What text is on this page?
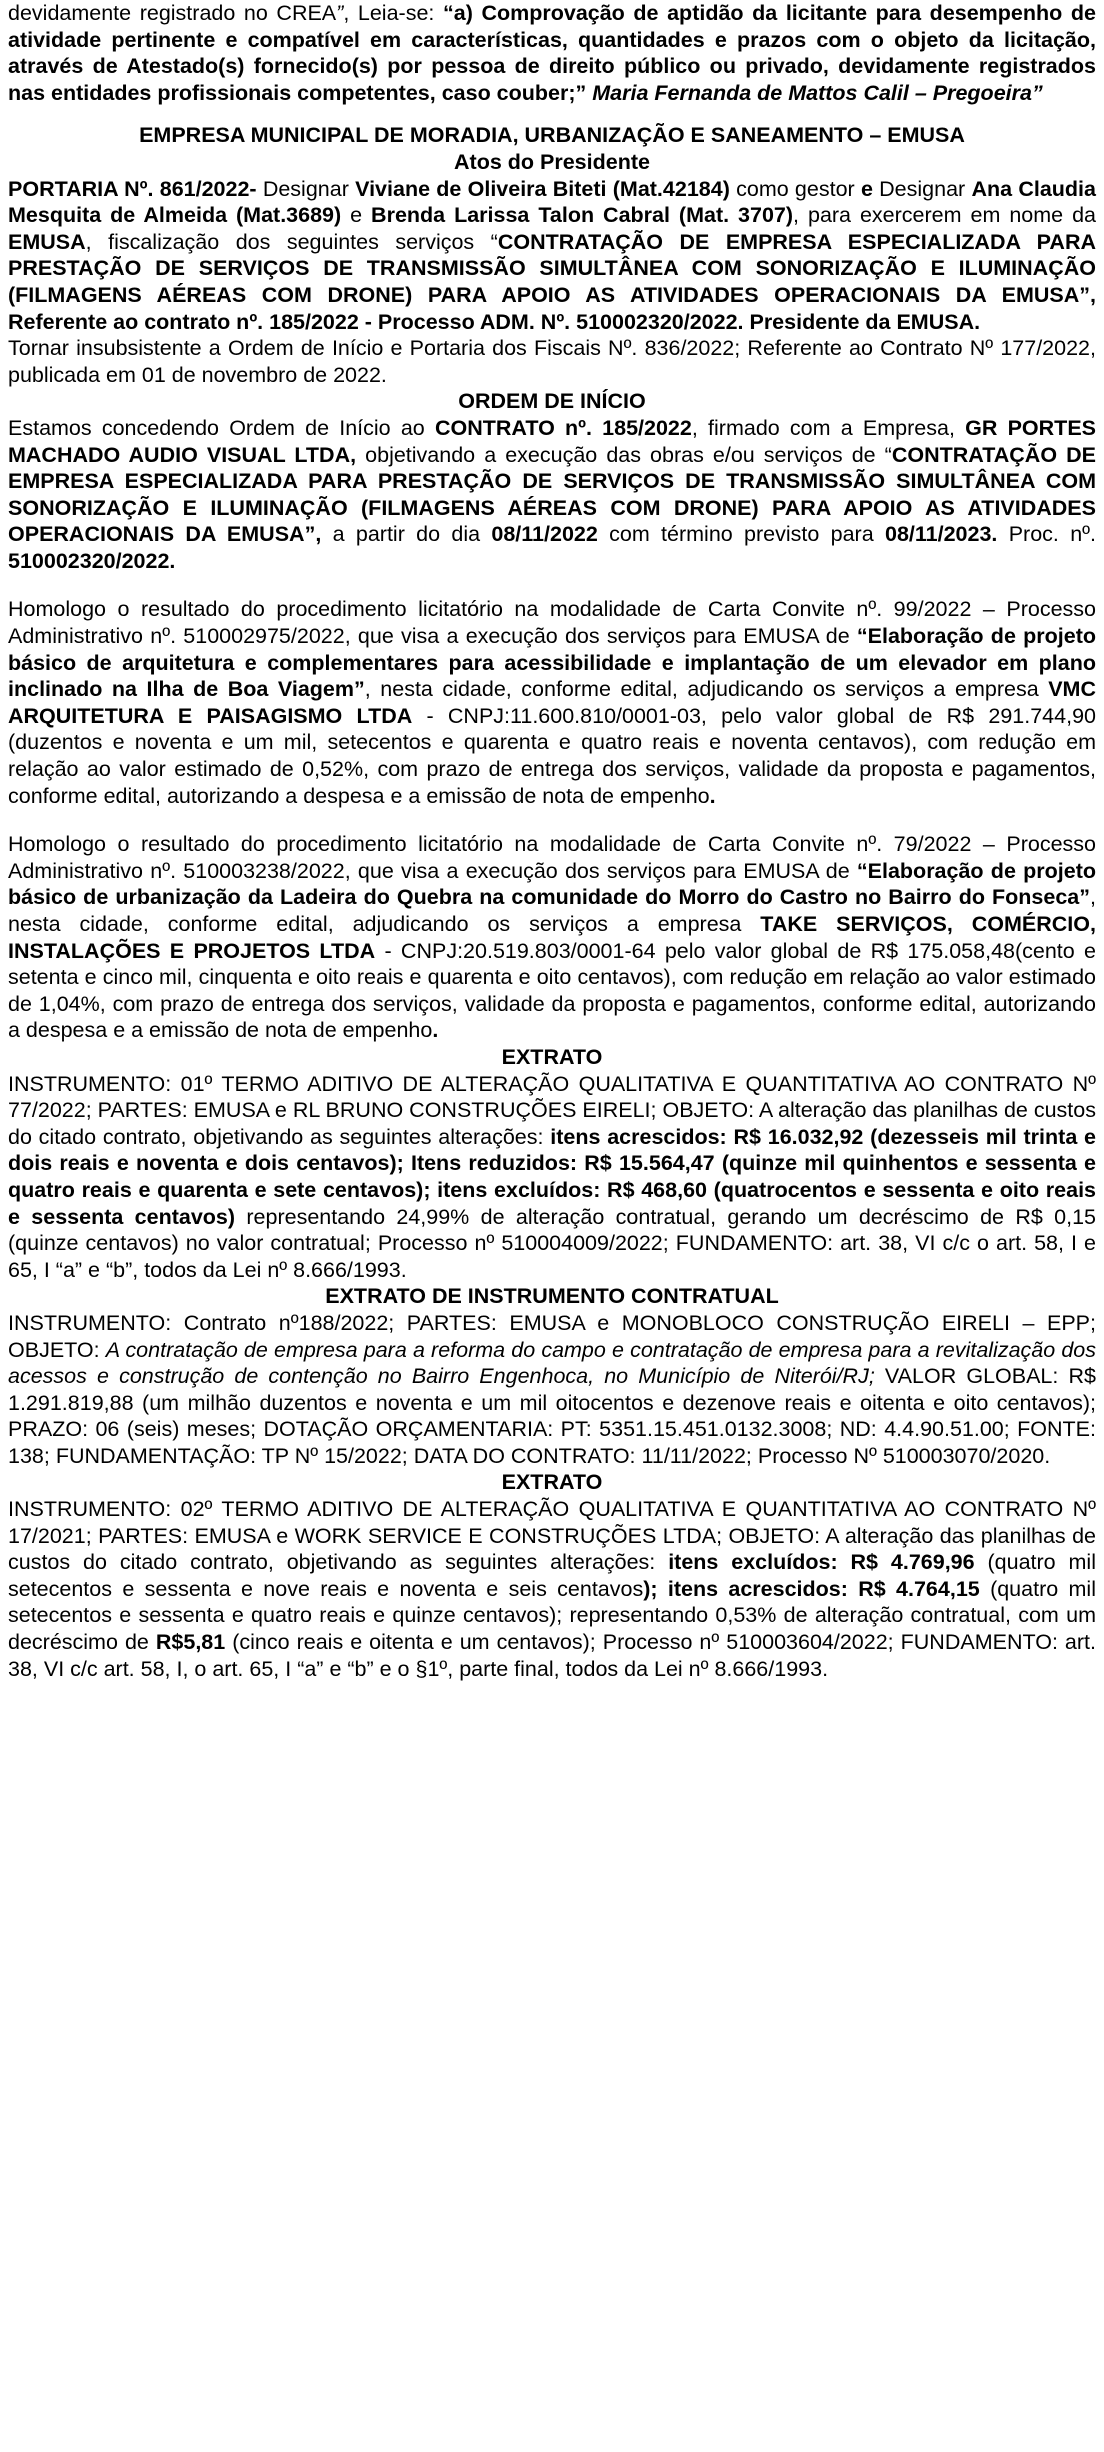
devidamente registrado no CREA”, Leia-se: “a) Comprovação de aptidão da licitante para desempenho de atividade pertinente e compatível em características, quantidades e prazos com o objeto da licitação, através de Atestado(s) fornecido(s) por pessoa de direito público ou privado, devidamente registrados nas entidades profissionais competentes, caso couber;” Maria Fernanda de Mattos Calil – Pregoeira”

EMPRESA MUNICIPAL DE MORADIA, URBANIZAÇÃO E SANEAMENTO – EMUSA

Atos do Presidente

PORTARIA Nº. 861/2022- Designar Viviane de Oliveira Biteti (Mat.42184) como gestor e Designar Ana Claudia Mesquita de Almeida (Mat.3689) e Brenda Larissa Talon Cabral (Mat. 3707), para exercerem em nome da EMUSA, fiscalização dos seguintes serviços “CONTRATAÇÃO DE EMPRESA ESPECIALIZADA PARA PRESTAÇÃO DE SERVIÇOS DE TRANSMISSÃO SIMULTÂNEA COM SONORIZAÇÃO E ILUMINAÇÃO (FILMAGENS AÉREAS COM DRONE) PARA APOIO AS ATIVIDADES OPERACIONAIS DA EMUSA”, Referente ao contrato nº. 185/2022 - Processo ADM. Nº. 510002320/2022. Presidente da EMUSA.

Tornar insubsistente a Ordem de Início e Portaria dos Fiscais Nº. 836/2022; Referente ao Contrato Nº 177/2022, publicada em 01 de novembro de 2022.

ORDEM DE INÍCIO

Estamos concedendo Ordem de Início ao CONTRATO nº. 185/2022, firmado com a Empresa, GR PORTES MACHADO AUDIO VISUAL LTDA, objetivando a execução das obras e/ou serviços de “CONTRATAÇÃO DE EMPRESA ESPECIALIZADA PARA PRESTAÇÃO DE SERVIÇOS DE TRANSMISSÃO SIMULTÂNEA COM SONORIZAÇÃO E ILUMINAÇÃO (FILMAGENS AÉREAS COM DRONE) PARA APOIO AS ATIVIDADES OPERACIONAIS DA EMUSA”, a partir do dia 08/11/2022 com término previsto para 08/11/2023. Proc. nº. 510002320/2022.

Homologo o resultado do procedimento licitatório na modalidade de Carta Convite nº. 99/2022 – Processo Administrativo nº. 510002975/2022, que visa a execução dos serviços para EMUSA de “Elaboração de projeto básico de arquitetura e complementares para acessibilidade e implantação de um elevador em plano inclinado na Ilha de Boa Viagem”, nesta cidade, conforme edital, adjudicando os serviços a empresa VMC ARQUITETURA E PAISAGISMO LTDA - CNPJ:11.600.810/0001-03, pelo valor global de R$ 291.744,90 (duzentos e noventa e um mil, setecentos e quarenta e quatro reais e noventa centavos), com redução em relação ao valor estimado de 0,52%, com prazo de entrega dos serviços, validade da proposta e pagamentos, conforme edital, autorizando a despesa e a emissão de nota de empenho.

Homologo o resultado do procedimento licitatório na modalidade de Carta Convite nº. 79/2022 – Processo Administrativo nº. 510003238/2022, que visa a execução dos serviços para EMUSA de “Elaboração de projeto básico de urbanização da Ladeira do Quebra na comunidade do Morro do Castro no Bairro do Fonseca”, nesta cidade, conforme edital, adjudicando os serviços a empresa TAKE SERVIÇOS, COMÉRCIO, INSTALAÇÕES E PROJETOS LTDA - CNPJ:20.519.803/0001-64 pelo valor global de R$ 175.058,48(cento e setenta e cinco mil, cinquenta e oito reais e quarenta e oito centavos), com redução em relação ao valor estimado de 1,04%, com prazo de entrega dos serviços, validade da proposta e pagamentos, conforme edital, autorizando a despesa e a emissão de nota de empenho.

EXTRATO

INSTRUMENTO: 01º TERMO ADITIVO DE ALTERAÇÃO QUALITATIVA E QUANTITATIVA AO CONTRATO Nº 77/2022; PARTES: EMUSA e RL BRUNO CONSTRUÇÕES EIRELI; OBJETO: A alteração das planilhas de custos do citado contrato, objetivando as seguintes alterações: itens acrescidos: R$ 16.032,92 (dezesseis mil trinta e dois reais e noventa e dois centavos); Itens reduzidos: R$ 15.564,47 (quinze mil quinhentos e sessenta e quatro reais e quarenta e sete centavos); itens excluídos: R$ 468,60 (quatrocentos e sessenta e oito reais e sessenta centavos) representando 24,99% de alteração contratual, gerando um decréscimo de R$ 0,15 (quinze centavos) no valor contratual; Processo nº 510004009/2022; FUNDAMENTO: art. 38, VI c/c o art. 58, I e 65, I “a” e “b”, todos da Lei nº 8.666/1993.

EXTRATO DE INSTRUMENTO CONTRATUAL

INSTRUMENTO: Contrato nº188/2022; PARTES: EMUSA e MONOBLOCO CONSTRUÇÃO EIRELI – EPP; OBJETO: A contratação de empresa para a reforma do campo e contratação de empresa para a revitalização dos acessos e construção de contenção no Bairro Engenhoca, no Município de Niterói/RJ; VALOR GLOBAL: R$ 1.291.819,88 (um milhão duzentos e noventa e um mil oitocentos e dezenove reais e oitenta e oito centavos); PRAZO: 06 (seis) meses; DOTAÇÃO ORÇAMENTARIA: PT: 5351.15.451.0132.3008; ND: 4.4.90.51.00; FONTE: 138; FUNDAMENTAÇÃO: TP Nº 15/2022; DATA DO CONTRATO: 11/11/2022; Processo Nº 510003070/2020.

EXTRATO

INSTRUMENTO: 02º TERMO ADITIVO DE ALTERAÇÃO QUALITATIVA E QUANTITATIVA AO CONTRATO Nº 17/2021; PARTES: EMUSA e WORK SERVICE E CONSTRUÇÕES LTDA; OBJETO: A alteração das planilhas de custos do citado contrato, objetivando as seguintes alterações: itens excluídos: R$ 4.769,96 (quatro mil setecentos e sessenta e nove reais e noventa e seis centavos); itens acrescidos: R$ 4.764,15 (quatro mil setecentos e sessenta e quatro reais e quinze centavos); representando 0,53% de alteração contratual, com um decréscimo de R$5,81 (cinco reais e oitenta e um centavos); Processo nº 510003604/2022; FUNDAMENTO: art. 38, VI c/c art. 58, I, o art. 65, I “a” e “b” e o §1º, parte final, todos da Lei nº 8.666/1993.
